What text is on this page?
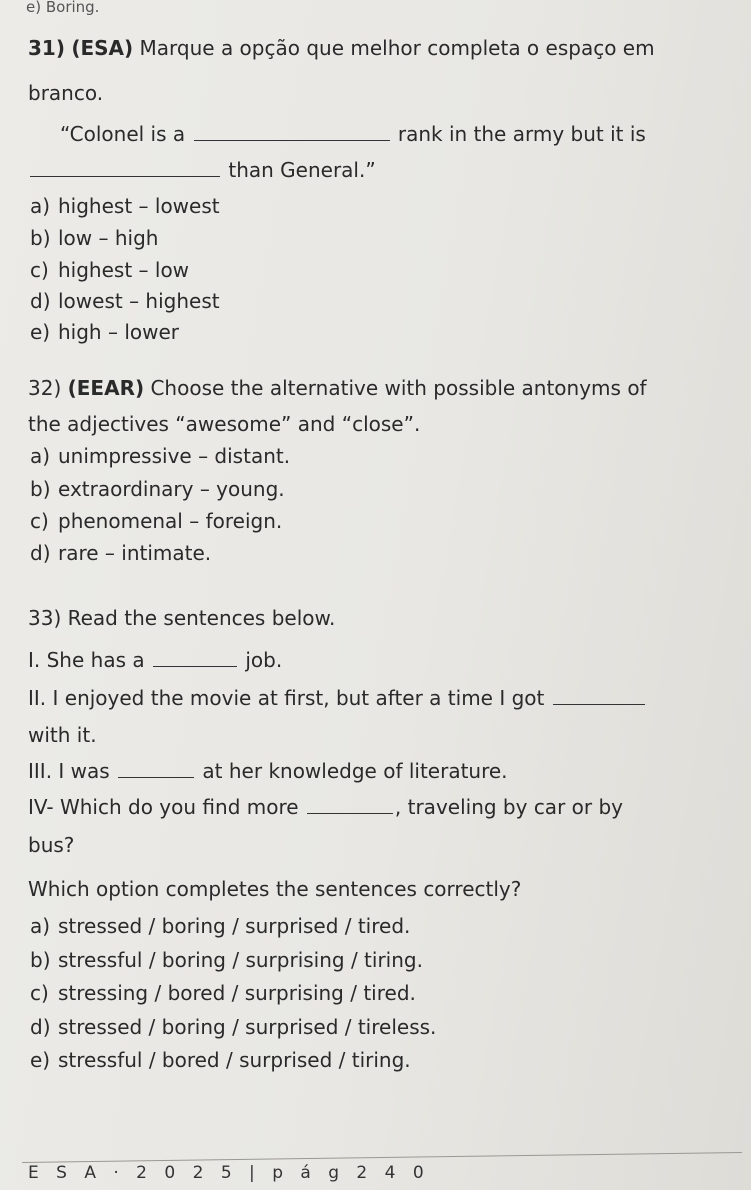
e) Boring.
31) (ESA) Marque a opção que melhor completa o espaço em
branco.
“Colonel is a	rank in the army but it is
than General.”
a) highest – lowest
b) low – high
c) highest – low
d) lowest – highest
e) high – lower
32) (EEAR) Choose the alternative with possible antonyms of
the adjectives “awesome” and “close”.
a) unimpressive – distant.
b) extraordinary – young.
c) phenomenal – foreign.
d) rare – intimate.
33) Read the sentences below.
I. She has a	job.
II. I enjoyed the movie at first, but after a time I got
with it.
III. I was	at her knowledge of literature.
IV- Which do you find more	, traveling by car or by
bus?
Which option completes the sentences correctly?
a) stressed / boring / surprised / tired.
b) stressful / boring / surprising / tiring.
c) stressing / bored / surprising / tired.
d) stressed / boring / surprised / tireless.
e) stressful / bored / surprised / tiring.
E S A · 2 0 2 5 | p á g 2 4 0
